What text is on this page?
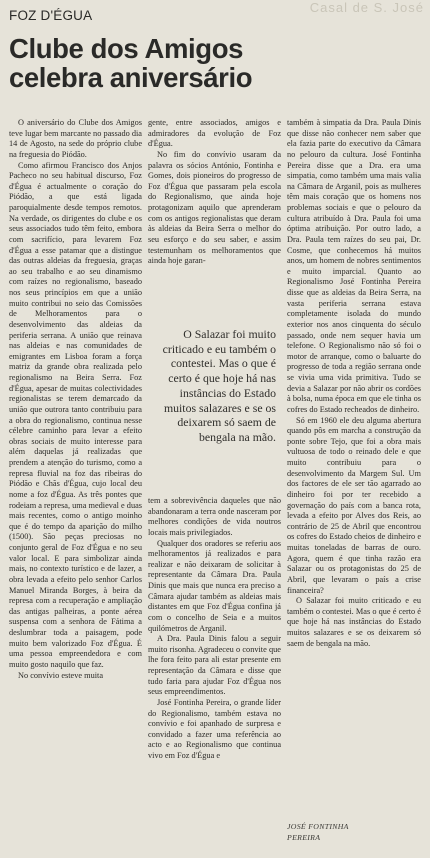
Casal de S. José
FOZ D'ÉGUA
Clube dos Amigos
celebra aniversário

O aniversário do Clube dos Amigos teve lugar bem marcante no passado dia 14 de Agosto, na sede do próprio clube na freguesia do Piódão.

Como afirmou Francisco dos Anjos Pacheco no seu habitual discurso, Foz d'Égua é actualmente o coração do Piódão, a que está ligada paroquialmente desde tempos remotos. Na verdade, os dirigentes do clube e os seus associados tudo têm feito, embora com sacrifício, para levarem Foz d'Égua a esse patamar que a distingue das outras aldeias da freguesia, graças ao seu trabalho e ao seu dinamismo com raízes no regionalismo, baseado nos seus princípios em que a união muito contribui no seio das Comissões de Melhoramentos para o desenvolvimento das aldeias da periferia serrana. A união que reinava nas aldeias e nas comunidades de emigrantes em Lisboa foram a força matriz da grande obra realizada pelo regionalismo na Beira Serra. Foz d'Égua, apesar de muitas colectividades regionalistas se terem demarcado da união que outrora tanto contribuiu para a obra do regionalismo, continua nesse célebre caminho para levar a efeito obras sociais de muito interesse para além daquelas já realizadas que prendem a atenção do turismo, como a represa fluvial na foz das ribeiras do Piódão e Chãs d'Égua, cujo local deu nome a foz d'Égua. As três pontes que rodeiam a represa, uma medieval e duas mais recentes, como o antigo moinho que é do tempo da aparição do milho (1500). São peças preciosas no conjunto geral de Foz d'Égua e no seu valor local. E para simbolizar ainda mais, no contexto turístico e de lazer, a obra levada a efeito pelo senhor Carlos Manuel Miranda Borges, à beira da represa com a recuperação e ampliação das antigas palheiras, a ponte aérea suspensa com a senhora de Fátima a deslumbrar toda a paisagem, pode muito bem valorizado Foz d'Égua. É uma pessoa empreendedora e com muito gosto naquilo que faz.

No convívio esteve muita

gente, entre associados, amigos e admiradores da evolução de Foz d'Égua.

No fim do convívio usaram da palavra os sócios António, Fontinha e Gomes, dois pioneiros do progresso de Foz d'Égua que passaram pela escola do Regionalismo, que ainda hoje protagonizam aquilo que aprenderam com os antigos regionalistas que deram às aldeias da Beira Serra o melhor do seu esforço e do seu saber, e assim testemunham os melhoramentos que ainda hoje garan-

O Salazar foi muito criticado e eu também o contestei. Mas o que é certo é que hoje há nas instâncias do Estado muitos salazares e se os deixarem só saem de bengala na mão.

tem a sobrevivência daqueles que não abandonaram a terra onde nasceram por melhores condições de vida noutros locais mais privilegiados.

Qualquer dos oradores se referiu aos melhoramentos já realizados e para realizar e não deixaram de solicitar à representante da Câmara Dra. Paula Dinis que mais que nunca era preciso a Câmara ajudar também as aldeias mais distantes em que Foz d'Égua confina já com o concelho de Seia e a muitos quilómetros de Arganil.

A Dra. Paula Dinis falou a seguir muito risonha. Agradeceu o convite que lhe fora feito para ali estar presente em representação da Câmara e disse que tudo faria para ajudar Foz d'Égua nos seus empreendimentos.

José Fontinha Pereira, o grande líder do Regionalismo, também estava no convívio e foi apanhado de surpresa e convidado a fazer uma referência ao acto e ao Regionalismo que continua vivo em Foz d'Égua e

também à simpatia da Dra. Paula Dinis que disse não conhecer nem saber que ela fazia parte do executivo da Câmara no pelouro da cultura. José Fontinha Pereira disse que a Dra. era uma simpatia, como também uma mais valia na Câmara de Arganil, pois as mulheres têm mais coração que os homens nos problemas sociais e que o pelouro da cultura atribuído à Dra. Paula foi uma óptima atribuição. Por outro lado, a Dra. Paula tem raízes do seu pai, Dr. Cosme, que conhecemos há muitos anos, um homem de nobres sentimentos e muito imparcial. Quanto ao Regionalismo José Fontinha Pereira disse que as aldeias da Beira Serra, na vasta periferia serrana estava completamente isolada do mundo exterior nos anos cinquenta do século passado, onde nem sequer havia um telefone. O Regionalismo não só foi o motor de arranque, como o baluarte do progresso de toda a região serrana onde se vivia uma vida primitiva. Tudo se devia a Salazar por não abrir os cordões à bolsa, numa época em que ele tinha os cofres do Estado recheados de dinheiro.

Só em 1960 ele deu alguma abertura quando pôs em marcha a construção da ponte sobre Tejo, que foi a obra mais vultuosa de todo o reinado dele e que muito contribuiu para o desenvolvimento da Margem Sul. Um dos factores de ele ser tão agarrado ao dinheiro foi por ter recebido a governação do país com a banca rota, levada a efeito por Alves dos Reis, ao contrário de 25 de Abril que encontrou os cofres do Estado cheios de dinheiro e muitas toneladas de barras de ouro. Agora, quem é que tinha razão era Salazar ou os protagonistas do 25 de Abril, que levaram o país a crise financeira?

O Salazar foi muito criticado e eu também o contestei. Mas o que é certo é que hoje há nas instâncias do Estado muitos salazares e se os deixarem só saem de bengala na mão.

JOSÉ FONTINHA
PEREIRA
